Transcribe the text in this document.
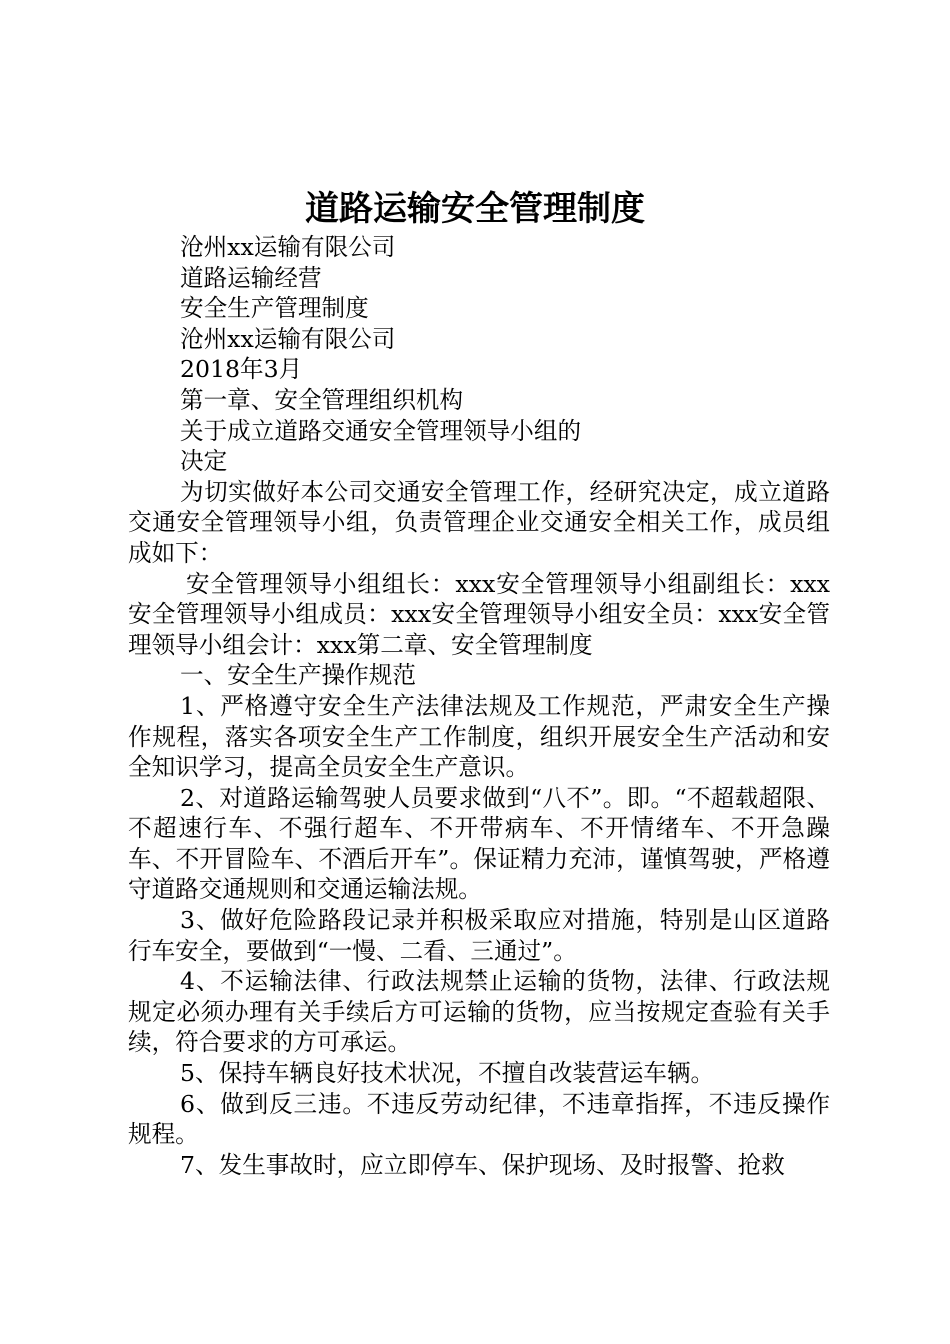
道路运输安全管理制度

沧州xx运输有限公司

道路运输经营

安全生产管理制度

沧州xx运输有限公司

2018年3月

第一章、安全管理组织机构

关于成立道路交通安全管理领导小组的

决定

为切实做好本公司交通安全管理工作，经研究决定，成立道路交通安全管理领导小组，负责管理企业交通安全相关工作，成员组成如下：

安全管理领导小组组长：xxx安全管理领导小组副组长：xxx安全管理领导小组成员：xxx安全管理领导小组安全员：xxx安全管理领导小组会计：xxx第二章、安全管理制度

一、安全生产操作规范

1、严格遵守安全生产法律法规及工作规范，严肃安全生产操作规程，落实各项安全生产工作制度，组织开展安全生产活动和安全知识学习，提高全员安全生产意识。

2、对道路运输驾驶人员要求做到“八不”。即。“不超载超限、不超速行车、不强行超车、不开带病车、不开情绪车、不开急躁车、不开冒险车、不酒后开车”。保证精力充沛，谨慎驾驶，严格遵守道路交通规则和交通运输法规。

3、做好危险路段记录并积极采取应对措施，特别是山区道路行车安全，要做到“一慢、二看、三通过”。

4、不运输法律、行政法规禁止运输的货物，法律、行政法规规定必须办理有关手续后方可运输的货物，应当按规定查验有关手续，符合要求的方可承运。

5、保持车辆良好技术状况，不擅自改装营运车辆。

6、做到反三违。不违反劳动纪律，不违章指挥，不违反操作规程。

7、发生事故时，应立即停车、保护现场、及时报警、抢救
